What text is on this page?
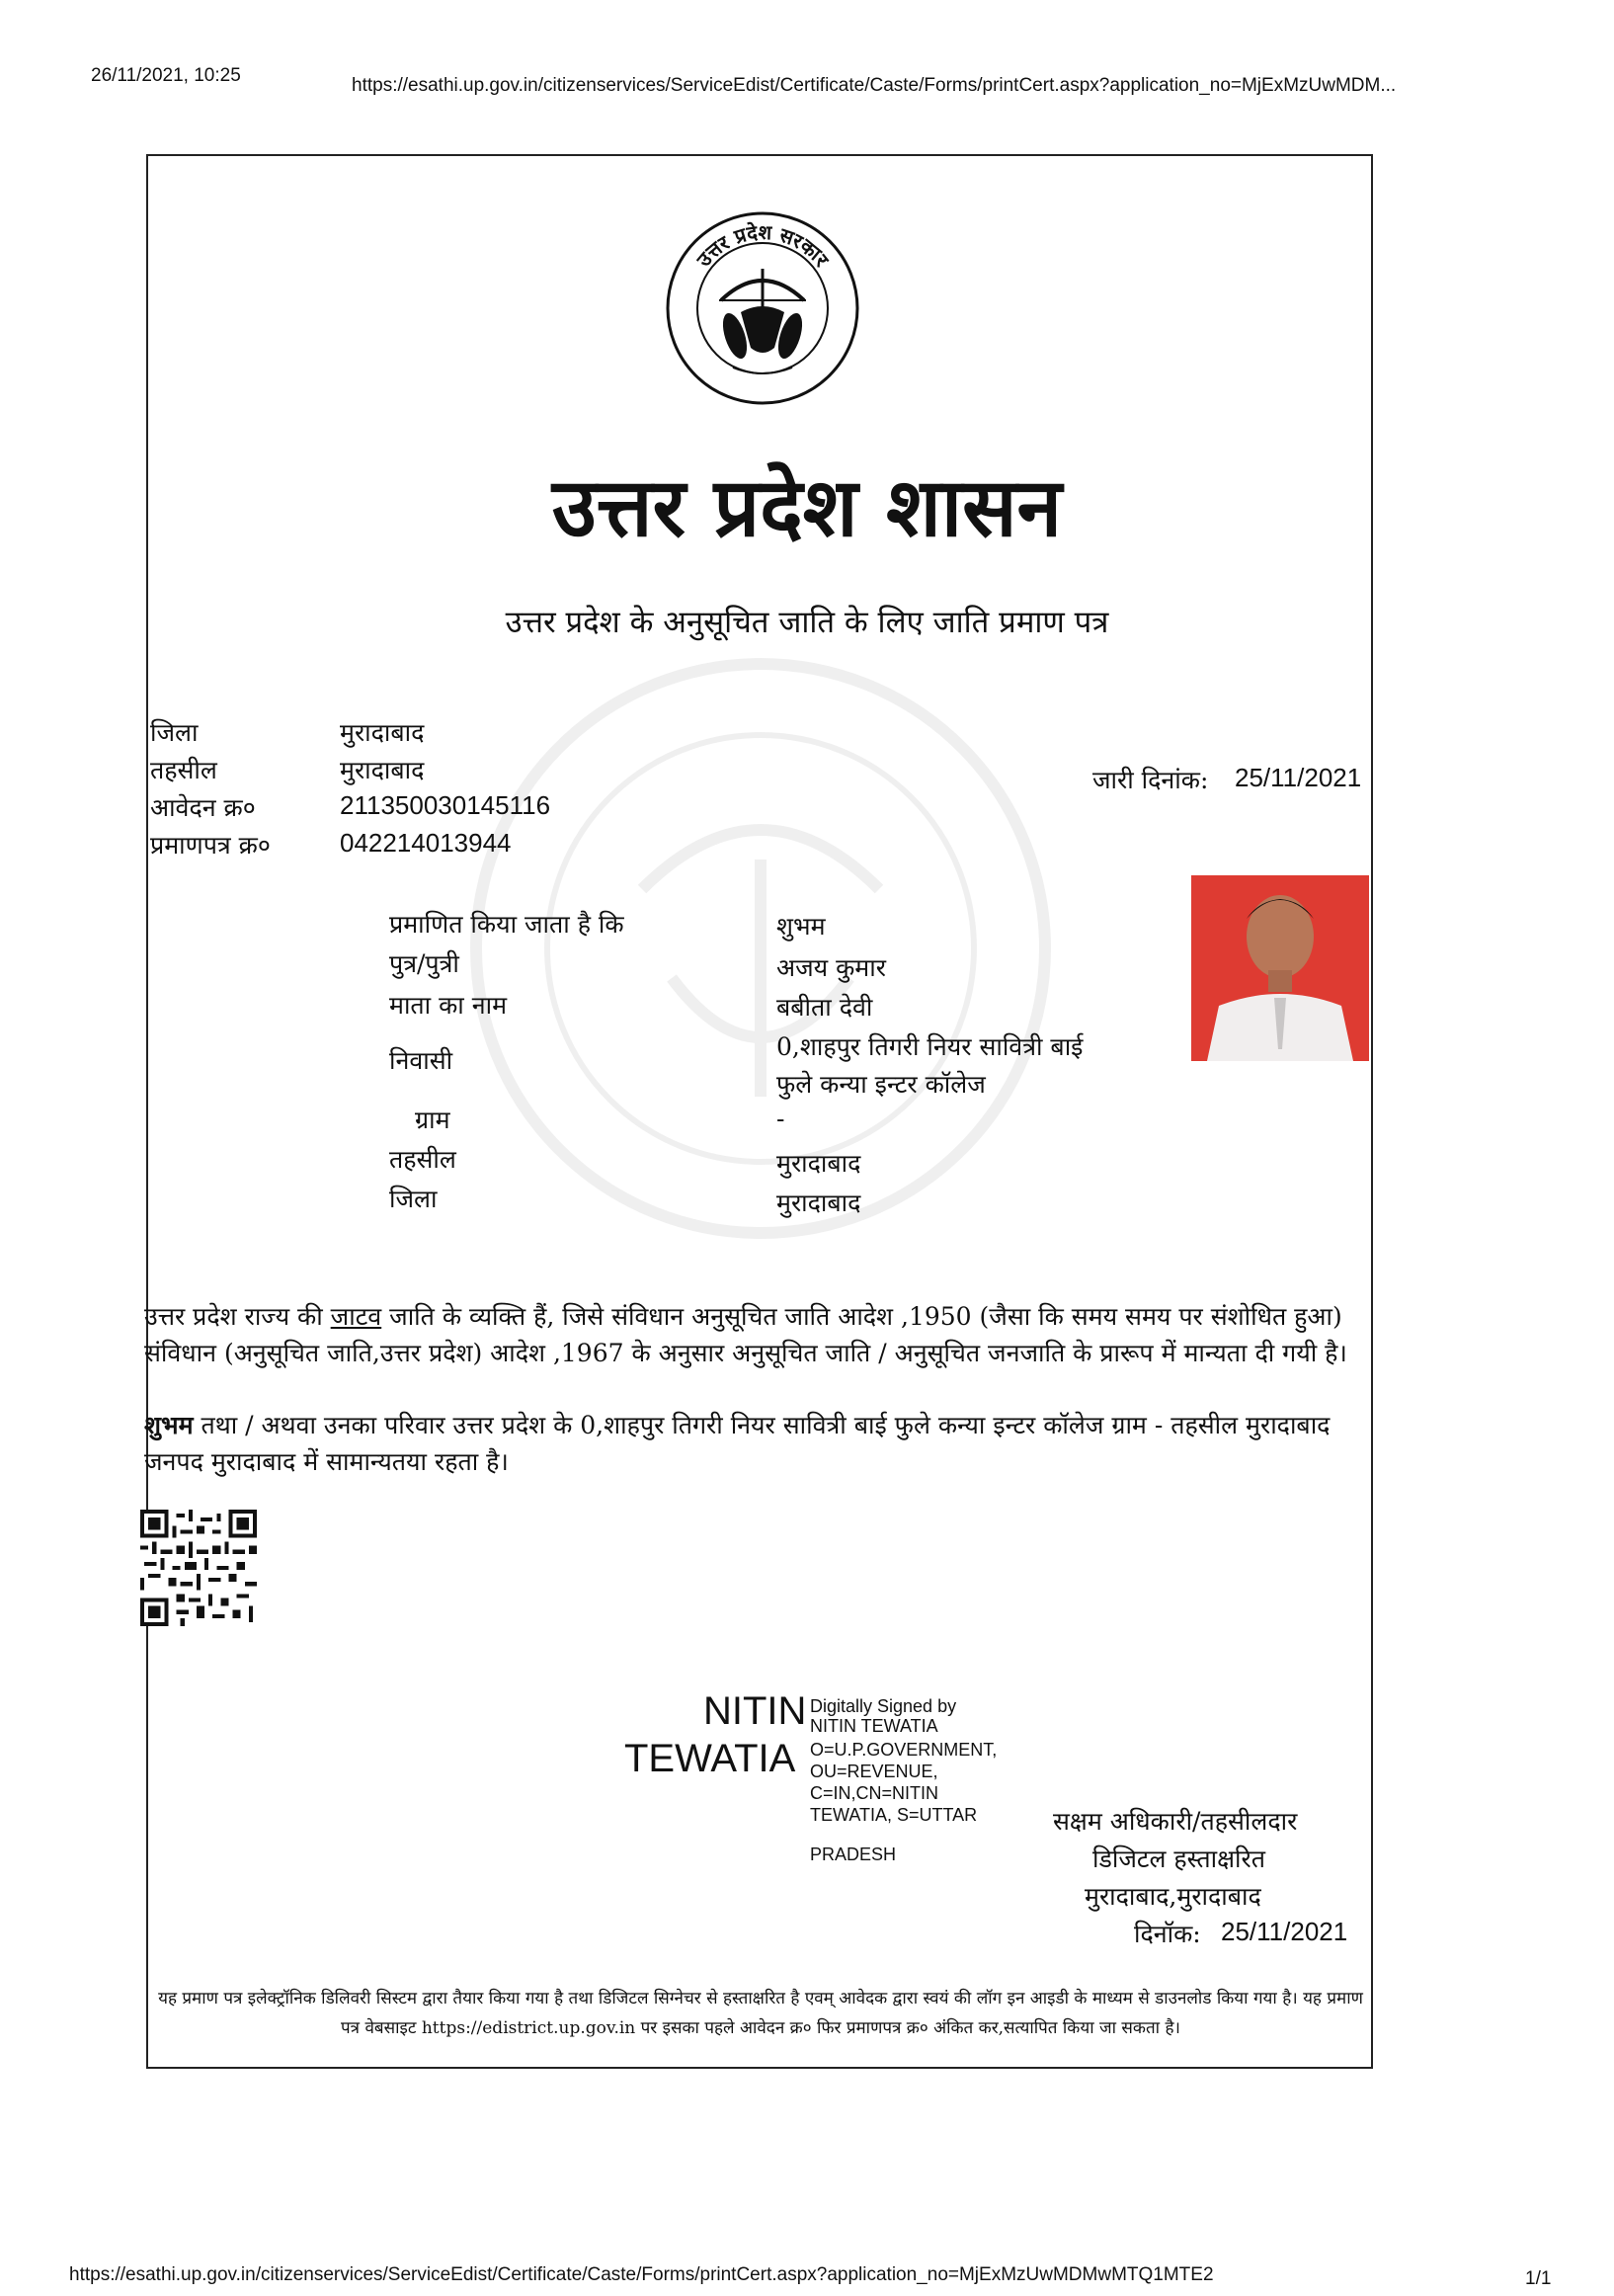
26/11/2021, 10:25	https://esathi.up.gov.in/citizenservices/ServiceEdist/Certificate/Caste/Forms/printCert.aspx?application_no=MjExMzUwMDM...
उत्तर प्रदेश सरकार
उत्तर प्रदेश शासन
उत्तर प्रदेश के अनुसूचित जाति के लिए जाति प्रमाण पत्र
जिला	मुरादाबाद
तहसील	मुरादाबाद
आवेदन क्र०	211350030145116
प्रमाणपत्र क्र०	042214013944
जारी दिनांक: 25/11/2021
प्रमाणित किया जाता है कि	शुभम
पुत्र/पुत्री	अजय कुमार
माता का नाम	बबीता देवी
निवासी	0,शाहपुर तिगरी नियर सावित्री बाई
फुले कन्या इन्टर कॉलेज
ग्राम	-
तहसील	मुरादाबाद
जिला	मुरादाबाद
उत्तर प्रदेश राज्य की जाटव जाति के व्यक्ति हैं, जिसे संविधान अनुसूचित जाति आदेश ,1950 (जैसा कि समय समय पर संशोधित हुआ) संविधान (अनुसूचित जाति,उत्तर प्रदेश) आदेश ,1967 के अनुसार अनुसूचित जाति / अनुसूचित जनजाति के प्रारूप में मान्यता दी गयी है।
शुभम तथा / अथवा उनका परिवार उत्तर प्रदेश के 0,शाहपुर तिगरी नियर सावित्री बाई फुले कन्या इन्टर कॉलेज ग्राम - तहसील मुरादाबाद जनपद मुरादाबाद में सामान्यतया रहता है।
NITIN
TEWATIA
Digitally Signed by
NITIN TEWATIA
O=U.P.GOVERNMENT,
OU=REVENUE,
C=IN,CN=NITIN
TEWATIA, S=UTTAR
PRADESH
सक्षम अधिकारी/तहसीलदार
डिजिटल हस्ताक्षरित
मुरादाबाद,मुरादाबाद
दिनॉक: 25/11/2021
यह प्रमाण पत्र इलेक्ट्रॉनिक डिलिवरी सिस्टम द्वारा तैयार किया गया है तथा डिजिटल सिग्नेचर से हस्ताक्षरित है एवम् आवेदक द्वारा स्वयं की लॉग इन आइडी के माध्यम से डाउनलोड किया गया है। यह प्रमाण पत्र वेबसाइट https://edistrict.up.gov.in पर इसका पहले आवेदन क्र० फिर प्रमाणपत्र क्र० अंकित कर,सत्यापित किया जा सकता है।
https://esathi.up.gov.in/citizenservices/ServiceEdist/Certificate/Caste/Forms/printCert.aspx?application_no=MjExMzUwMDMwMTQ1MTE2	1/1
